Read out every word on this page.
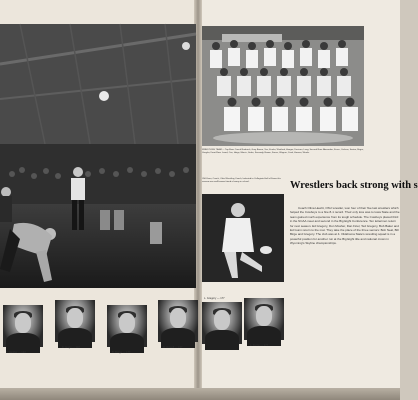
T. Hadder — 123
D. Hugo — 147
B. Burge — 177
R. Dowell — 157
WRESTLING TEAM — Top Row: Coach Roderick, Gray Brown, Yon, Kuehn, Worthed, Hanger, Davison, Long; Second Row: Alexander, Kraus, Carlson, Sentor, Birgar, Vaughn; Front Row: Lourd, Cas, Haigs, Morris, Goles, Kennedy, Brawn, Fones, Wagner, Cook, Haroun, Weeks
Cliff Keen, Coach, Ohio Wrestling Coach, Inducted to Collegiate Hall of Fame this season was well-known friend of many in school.
L. Gregory — 177
L. Kurrie — 177
Wrestlers back strong with s
Coach Olina Hewitt, OSU wrestler, won four of their five last wrestlers which helped the Cowboys to a fine 8-1 record. Their only loss was to Iowa State and the team gained much experience from its tough schedule. The Cowboys placed third in the NCAA meet and second in the Big Eight Conference. Ten lettermen return for next season. Ed Gregory, Don Mosher, Dan Ficel, Ted Gregory, Bob Baker and Ed Gunn return to the mat. They take the place of the three seniors: Bob Neal, Bill Birge and Gregory. The club was at 4. Oklahoma State's wrestling squad is in a powerful position for another run at the Big Eight title and national crown in Wyoming's Skyline championships.
